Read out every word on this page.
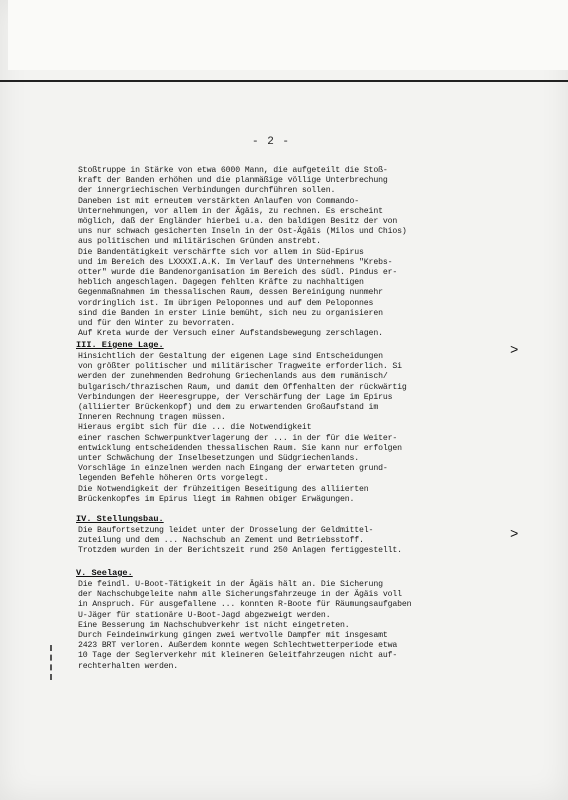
- 2 -
Stoßtruppe in Stärke von etwa 6000 Mann, die aufgeteilt die Stoß-
kraft der Banden erhöhen und die planmäßige völlige Unterbrechung
der innergriechischen Verbindungen durchführen sollen.
Daneben ist mit erneutem verstärkten Anlaufen von Commando-
Unternehmungen, vor allem in der Ägäis, zu rechnen. Es erscheint
möglich, daß der Engländer hierbei u.a. den baldigen Besitz der von
uns nur schwach gesicherten Inseln in der Ost-Ägäis (Milos und Chios)
aus politischen und militärischen Gründen anstrebt.
Die Bandentätigkeit verschärfte sich vor allem in Süd-Epirus
und im Bereich des LXXXXI.A.K. Im Verlauf des Unternehmens "Krebs-
otter" wurde die Bandenorganisation im Bereich des südl. Pindus er-
heblich angeschlagen. Dagegen fehlten Kräfte zu nachhaltigen
Gegenmaßnahmen im thessalischen Raum, dessen Bereinigung nunmehr
vordringlich ist. Im übrigen Peloponnes und auf dem Peloponnes
sind die Banden in erster Linie bemüht, sich neu zu organisieren
und für den Winter zu bevorraten.
Auf Kreta wurde der Versuch einer Aufstandsbewegung zerschlagen.
III. Eigene Lage.	>
Hinsichtlich der Gestaltung der eigenen Lage sind Entscheidungen
von größter politischer und militärischer Tragweite erforderlich. Si
werden der zunehmenden Bedrohung Griechenlands aus dem rumänisch/
bulgarisch/thrazischen Raum, und damit dem Offenhalten der rückwärtig
Verbindungen der Heeresgruppe, der Verschärfung der Lage im Epirus
(alliierter Brückenkopf) und dem zu erwartenden Großaufstand im
Inneren Rechnung tragen müssen.
Hieraus ergibt sich für die ... die Notwendigkeit
einer raschen Schwerpunktverlagerung der ... in der für die Weiter-
entwicklung entscheidenden thessalischen Raum. Sie kann nur erfolgen
unter Schwächung der Inselbesetzungen und Südgriechenlands.
Vorschläge in einzelnen werden nach Eingang der erwarteten grund-
legenden Befehle höheren Orts vorgelegt.
Die Notwendigkeit der frühzeitigen Beseitigung des alliierten
Brückenkopfes im Epirus liegt im Rahmen obiger Erwägungen.
IV. Stellungsbau.
Die Baufortsetzung leidet unter der Drosselung der Geldmittel-
zuteilung und dem ... Nachschub an Zement und Betriebsstoff.
Trotzdem wurden in der Berichtszeit rund 250 Anlagen fertiggestellt.
>
V. Seelage.
Die feindl. U-Boot-Tätigkeit in der Ägäis hält an. Die Sicherung
der Nachschubgeleite nahm alle Sicherungsfahrzeuge in der Ägäis voll
in Anspruch. Für ausgefallene ... konnten R-Boote für Räumungsaufgaben
U-Jäger für stationäre U-Boot-Jagd abgezweigt werden.
Eine Besserung im Nachschubverkehr ist nicht eingetreten.
Durch Feindeinwirkung gingen zwei wertvolle Dampfer mit insgesamt
2423 BRT verloren. Außerdem konnte wegen Schlechtwetterperiode etwa
10 Tage der Seglerverkehr mit kleineren Geleitfahrzeugen nicht auf-
rechterhalten werden.
